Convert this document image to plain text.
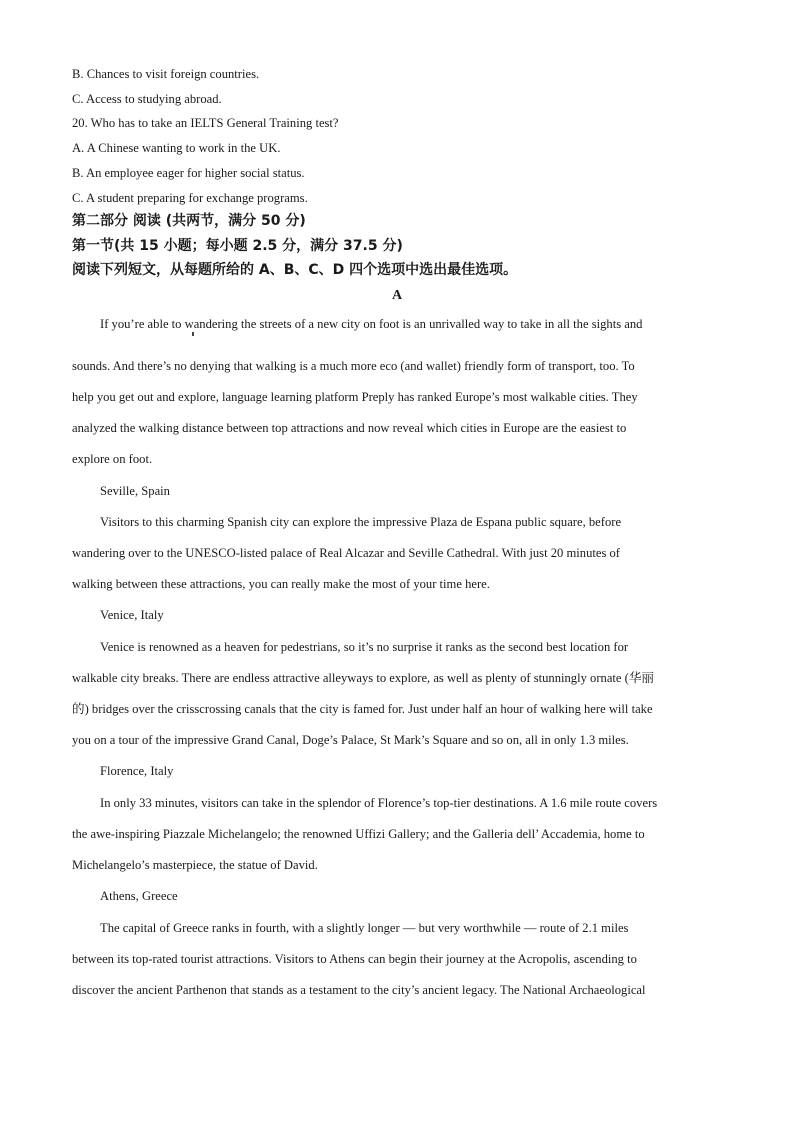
B. Chances to visit foreign countries.
C. Access to studying abroad.
20. Who has to take an IELTS General Training test?
A. A Chinese wanting to work in the UK.
B. An employee eager for higher social status.
C. A student preparing for exchange programs.
第二部分 阅读 (共两节，满分 50 分)
第一节(共 15 小题；每小题 2.5 分，满分 37.5 分)
阅读下列短文，从每题所给的 A、B、C、D 四个选项中选出最佳选项。
A
If you’re able to wandering the streets of a new city on foot is an unrivalled way to take in all the sights and
sounds. And there’s no denying that walking is a much more eco (and wallet) friendly form of transport, too. To
help you get out and explore, language learning platform Preply has ranked Europe’s most walkable cities. They
analyzed the walking distance between top attractions and now reveal which cities in Europe are the easiest to
explore on foot.
Seville, Spain
Visitors to this charming Spanish city can explore the impressive Plaza de Espana public square, before
wandering over to the UNESCO-listed palace of Real Alcazar and Seville Cathedral. With just 20 minutes of
walking between these attractions, you can really make the most of your time here.
Venice, Italy
Venice is renowned as a heaven for pedestrians, so it’s no surprise it ranks as the second best location for
walkable city breaks. There are endless attractive alleyways to explore, as well as plenty of stunningly ornate (华丽
的) bridges over the crisscrossing canals that the city is famed for. Just under half an hour of walking here will take
you on a tour of the impressive Grand Canal, Doge’s Palace, St Mark’s Square and so on, all in only 1.3 miles.
Florence, Italy
In only 33 minutes, visitors can take in the splendor of Florence’s top-tier destinations. A 1.6 mile route covers
the awe-inspiring Piazzale Michelangelo; the renowned Uffizi Gallery; and the Galleria dell’ Accademia, home to
Michelangelo’s masterpiece, the statue of David.
Athens, Greece
The capital of Greece ranks in fourth, with a slightly longer — but very worthwhile — route of 2.1 miles
between its top-rated tourist attractions. Visitors to Athens can begin their journey at the Acropolis, ascending to
discover the ancient Parthenon that stands as a testament to the city’s ancient legacy. The National Archaeological
